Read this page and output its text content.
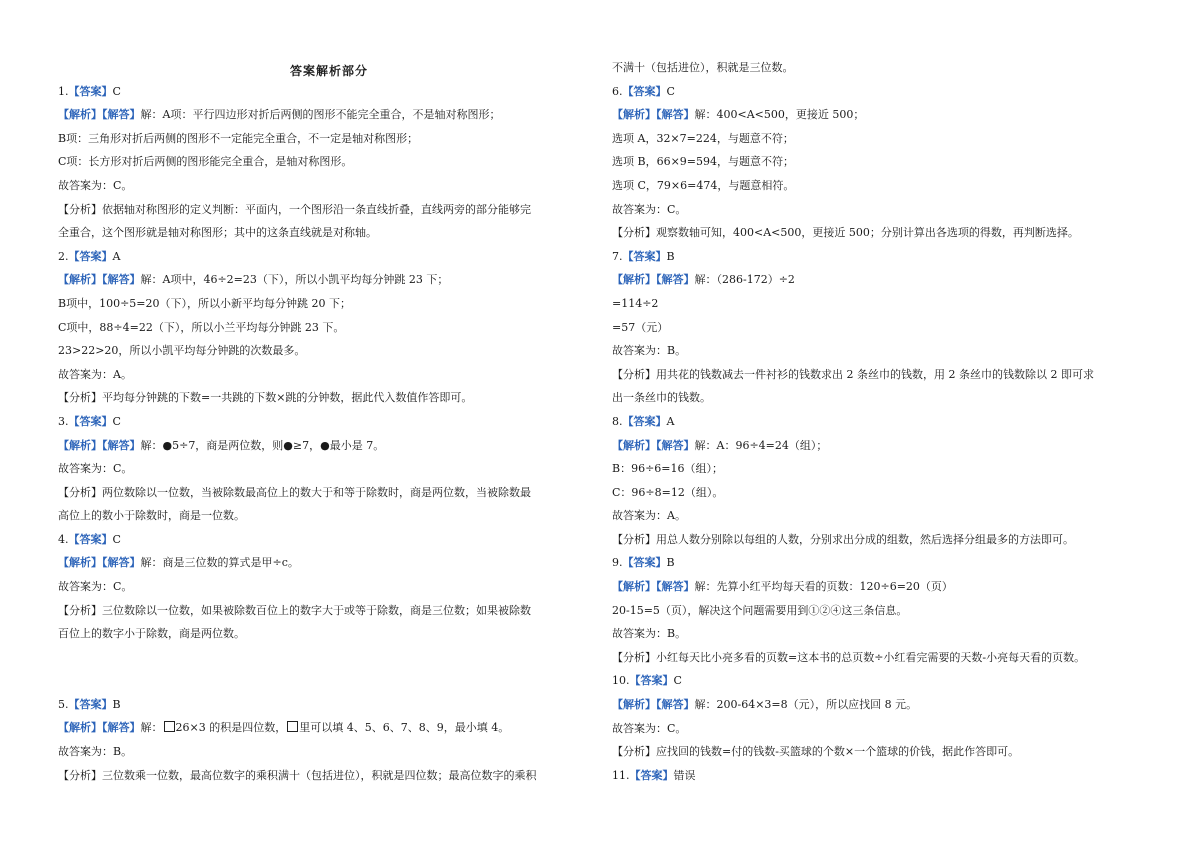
答案解析部分
1.【答案】C
【解析】【解答】解：A项：平行四边形对折后两侧的图形不能完全重合，不是轴对称图形；
B项：三角形对折后两侧的图形不一定能完全重合，不一定是轴对称图形；
C项：长方形对折后两侧的图形能完全重合，是轴对称图形。
故答案为：C。
【分析】依据轴对称图形的定义判断：平面内，一个图形沿一条直线折叠，直线两旁的部分能够完
全重合，这个图形就是轴对称图形；其中的这条直线就是对称轴。
2.【答案】A
【解析】【解答】解：A项中，46÷2=23（下），所以小凯平均每分钟跳 23 下；
B项中，100÷5=20（下），所以小新平均每分钟跳 20 下；
C项中，88÷4=22（下），所以小兰平均每分钟跳 23 下。
23>22>20，所以小凯平均每分钟跳的次数最多。
故答案为：A。
【分析】平均每分钟跳的下数=一共跳的下数×跳的分钟数，据此代入数值作答即可。
3.【答案】C
【解析】【解答】解：●5÷7，商是两位数，则●≥7，●最小是 7。
故答案为：C。
【分析】两位数除以一位数，当被除数最高位上的数大于和等于除数时，商是两位数，当被除数最
高位上的数小于除数时，商是一位数。
4.【答案】C
【解析】【解答】解：商是三位数的算式是甲÷c。
故答案为：C。
【分析】三位数除以一位数，如果被除数百位上的数字大于或等于除数，商是三位数；如果被除数
百位上的数字小于除数，商是两位数。
5.【答案】B
【解析】【解答】解： 26×3 的积是四位数， 里可以填 4、5、6、7、8、9，最小填 4。
故答案为：B。
【分析】三位数乘一位数，最高位数字的乘积满十（包括进位），积就是四位数；最高位数字的乘积
不满十（包括进位），积就是三位数。
6.【答案】C
【解析】【解答】解：400<A<500，更接近 500；
选项 A，32×7=224，与题意不符；
选项 B，66×9=594，与题意不符；
选项 C，79×6=474，与题意相符。
故答案为：C。
【分析】观察数轴可知，400<A<500，更接近 500；分别计算出各选项的得数，再判断选择。
7.【答案】B
【解析】【解答】解：（286-172）÷2
=114÷2
=57（元）
故答案为：B。
【分析】用共花的钱数减去一件衬衫的钱数求出 2 条丝巾的钱数，用 2 条丝巾的钱数除以 2 即可求
出一条丝巾的钱数。
8.【答案】A
【解析】【解答】解：A：96÷4=24（组）；
B：96÷6=16（组）；
C：96÷8=12（组）。
故答案为：A。
【分析】用总人数分别除以每组的人数，分别求出分成的组数，然后选择分组最多的方法即可。
9.【答案】B
【解析】【解答】解：先算小红平均每天看的页数：120÷6=20（页）
20-15=5（页），解决这个问题需要用到①②④这三条信息。
故答案为：B。
【分析】小红每天比小亮多看的页数=这本书的总页数÷小红看完需要的天数-小亮每天看的页数。
10.【答案】C
【解析】【解答】解：200-64×3=8（元），所以应找回 8 元。
故答案为：C。
【分析】应找回的钱数=付的钱数-买篮球的个数×一个篮球的价钱，据此作答即可。
11.【答案】错误
